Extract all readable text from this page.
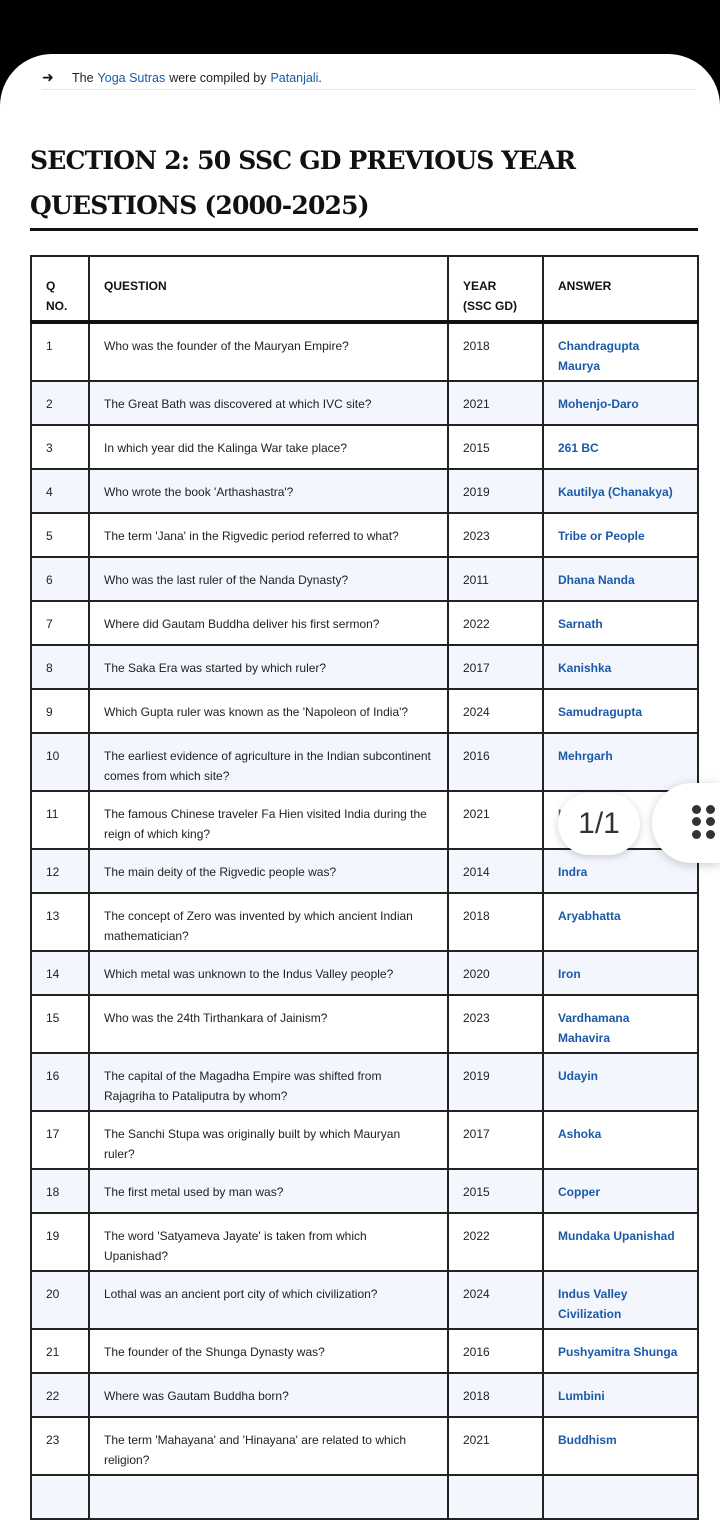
➜	The Yoga Sutras were compiled by Patanjali .
SECTION 2: 50 SSC GD PREVIOUS YEAR QUESTIONS (2000-2025)
Q NO.	QUESTION	YEAR (SSC GD)	ANSWER
1	Who was the founder of the Mauryan Empire?	2018	Chandragupta Maurya
2	The Great Bath was discovered at which IVC site?	2021	Mohenjo-Daro
3	In which year did the Kalinga War take place?	2015	261 BC
4	Who wrote the book 'Arthashastra'?	2019	Kautilya (Chanakya)
5	The term 'Jana' in the Rigvedic period referred to what?	2023	Tribe or People
6	Who was the last ruler of the Nanda Dynasty?	2011	Dhana Nanda
7	Where did Gautam Buddha deliver his first sermon?	2022	Sarnath
8	The Saka Era was started by which ruler?	2017	Kanishka
9	Which Gupta ruler was known as the 'Napoleon of India'?	2024	Samudragupta
10	The earliest evidence of agriculture in the Indian subcontinent comes from which site?	2016	Mehrgarh
11	The famous Chinese traveler Fa Hien visited India during the reign of which king?	2021	
12	The main deity of the Rigvedic people was?	2014	Indra
13	The concept of Zero was invented by which ancient Indian mathematician?	2018	Aryabhatta
14	Which metal was unknown to the Indus Valley people?	2020	Iron
15	Who was the 24th Tirthankara of Jainism?	2023	Vardhamana Mahavira
16	The capital of the Magadha Empire was shifted from Rajagriha to Pataliputra by whom?	2019	Udayin
17	The Sanchi Stupa was originally built by which Mauryan ruler?	2017	Ashoka
18	The first metal used by man was?	2015	Copper
19	The word 'Satyameva Jayate' is taken from which Upanishad?	2022	Mundaka Upanishad
20	Lothal was an ancient port city of which civilization?	2024	Indus Valley Civilization
21	The founder of the Shunga Dynasty was?	2016	Pushyamitra Shunga
22	Where was Gautam Buddha born?	2018	Lumbini
23	The term 'Mahayana' and 'Hinayana' are related to which religion?	2021	Buddhism

1/1
